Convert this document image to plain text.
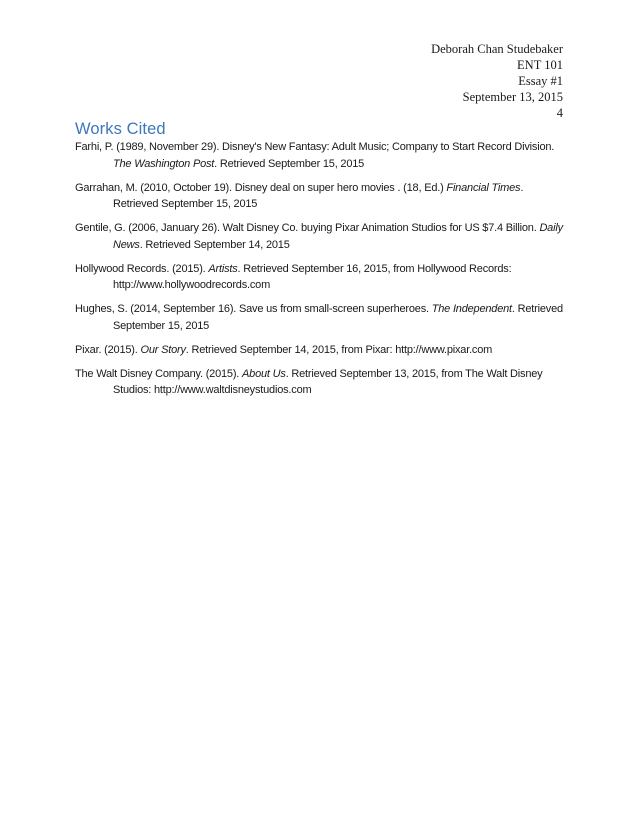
Deborah Chan Studebaker
ENT 101
Essay #1
September 13, 2015
4
Works Cited

Farhi, P. (1989, November 29). Disney's New Fantasy: Adult Music; Company to Start Record Division. The Washington Post. Retrieved September 15, 2015

Garrahan, M. (2010, October 19). Disney deal on super hero movies . (18, Ed.) Financial Times. Retrieved September 15, 2015

Gentile, G. (2006, January 26). Walt Disney Co. buying Pixar Animation Studios for US $7.4 Billion. Daily News. Retrieved September 14, 2015

Hollywood Records. (2015). Artists. Retrieved September 16, 2015, from Hollywood Records: http://www.hollywoodrecords.com

Hughes, S. (2014, September 16). Save us from small-screen superheroes. The Independent. Retrieved September 15, 2015

Pixar. (2015). Our Story. Retrieved September 14, 2015, from Pixar: http://www.pixar.com

The Walt Disney Company. (2015). About Us. Retrieved September 13, 2015, from The Walt Disney Studios: http://www.waltdisneystudios.com
